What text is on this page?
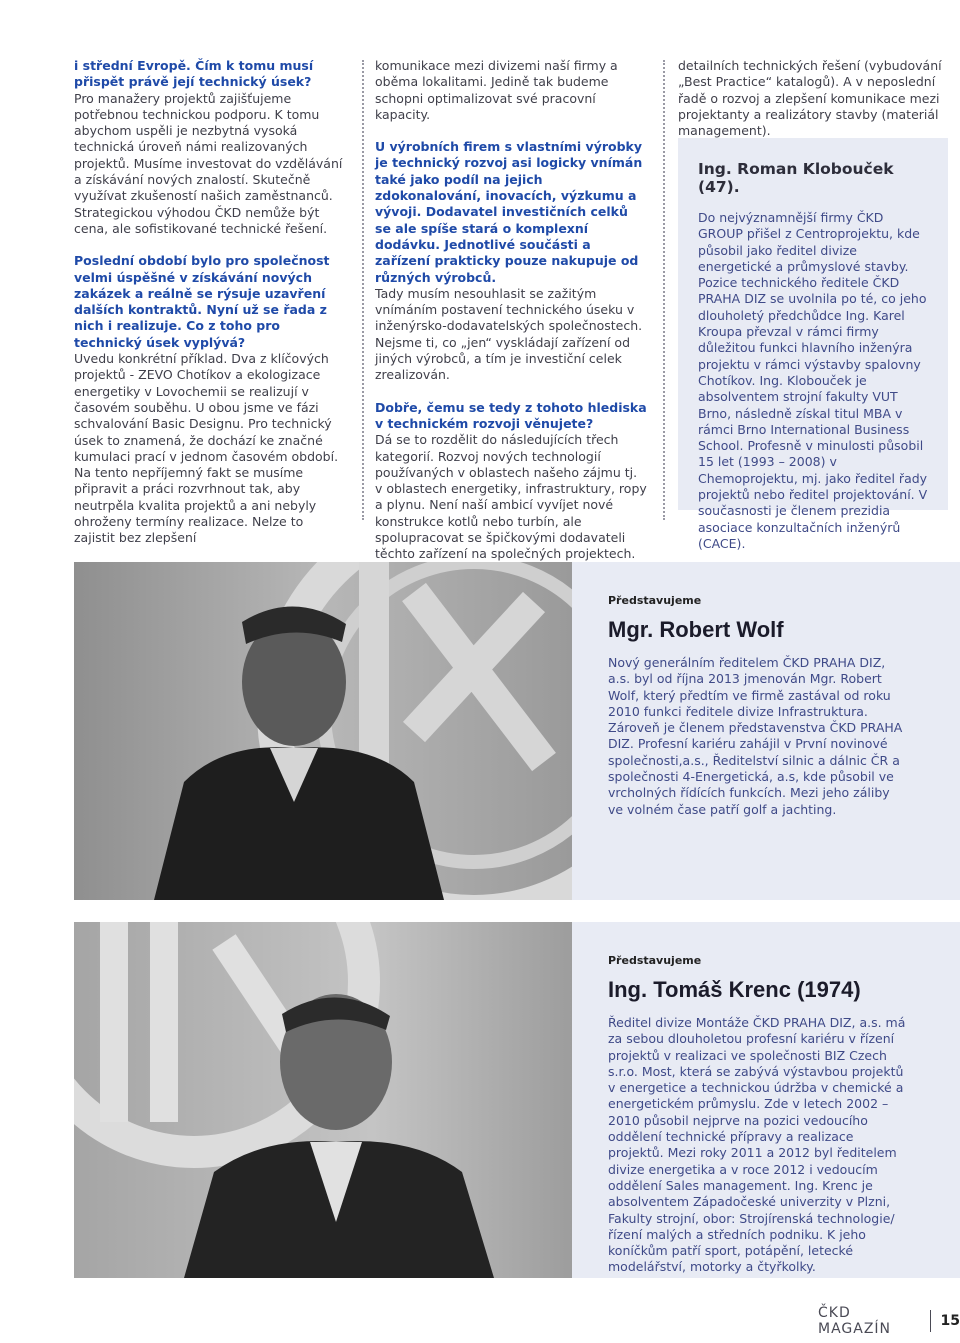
i střední Evropě. Čím k tomu musí přispět právě její technický úsek?
Pro manažery projektů zajišťujeme potřebnou technickou podporu. K tomu abychom uspěli je nezbytná vysoká technická úroveň námi realizovaných projektů. Musíme investovat do vzdělávání a získávání nových znalostí. Skutečně využívat zkušeností našich zaměstnanců. Strategickou výhodou ČKD nemůže být cena, ale sofistikované technické řešení.

Poslední období bylo pro společnost velmi úspěšné v získávání nových zakázek a reálně se rýsuje uzavření dalších kontraktů. Nyní už se řada z nich i realizuje. Co z toho pro technický úsek vyplývá?

Uvedu konkrétní příklad. Dva z klíčových projektů - ZEVO Chotíkov a ekologizace energetiky v Lovochemii se realizují v časovém souběhu. U obou jsme ve fázi schvalování Basic Designu. Pro technický úsek to znamená, že dochází ke značné kumulaci prací v jednom časovém období. Na tento nepříjemný fakt se musíme připravit a práci rozvrhnout tak, aby neutrpěla kvalita projektů a ani nebyly ohroženy termíny realizace. Nelze to zajistit bez zlepšení

komunikace mezi divizemi naší firmy a oběma lokalitami. Jedině tak budeme schopni optimalizovat své pracovní kapacity.

U výrobních firem s vlastními výrobky je technický rozvoj asi logicky vnímán také jako podíl na jejich zdokonalování, inovacích, výzkumu a vývoji. Dodavatel investičních celků se ale spíše stará o komplexní dodávku. Jednotlivé součásti a zařízení prakticky pouze nakupuje od různých výrobců.

Tady musím nesouhlasit se zažitým vnímáním postavení technického úseku v inženýrsko-dodavatelských společnostech. Nejsme ti, co „jen“ vyskládají zařízení od jiných výrobců, a tím je investiční celek zrealizován.

Dobře, čemu se tedy z tohoto hlediska v technickém rozvoji věnujete?

Dá se to rozdělit do následujících třech kategorií. Rozvoj nových technologií používaných v oblastech našeho zájmu tj. v oblastech energetiky, infrastruktury, ropy a plynu. Není naší ambicí vyvíjet nové konstrukce kotlů nebo turbín, ale spolupracovat se špičkovými dodavateli těchto zařízení na společných projektech.

detailních technických řešení (vybudování „Best Practice“ katalogů). A v neposlední řadě o rozvoj a zlepšení komunikace mezi projektanty a realizátory stavby (materiál management).

Ing. Roman Klobouček (47).
Do nejvýznamnější firmy ČKD GROUP přišel z Centroprojektu, kde působil jako ředitel divize energetické a průmyslové stavby. Pozice technického ředitele ČKD PRAHA DIZ se uvolnila po té, co jeho dlouholetý předchůdce Ing. Karel Kroupa převzal v rámci firmy důležitou funkci hlavního inženýra projektu v rámci výstavby spalovny Chotíkov. Ing. Klobouček je absolventem strojní fakulty VUT Brno, následně získal titul MBA v rámci Brno International Business School. Profesně v minulosti působil 15 let (1993 – 2008) v Chemoprojektu, mj. jako ředitel řady projektů nebo ředitel projektování. V současnosti je členem prezidia asociace konzultačních inženýrů (CACE).
Představujeme
Mgr. Robert Wolf
Nový generálním ředitelem ČKD PRAHA DIZ, a.s. byl od října 2013 jmenován Mgr. Robert Wolf, který předtím ve firmě zastával od roku 2010 funkci ředitele divize Infrastruktura. Zároveň je členem představenstva ČKD PRAHA DIZ. Profesní kariéru zahájil v První novinové společnosti,a.s., Ředitelství silnic a dálnic ČR a společnosti 4-Energetická, a.s, kde působil ve vrcholných řídících funkcích. Mezi jeho záliby ve volném čase patří golf a jachting.
Představujeme
Ing. Tomáš Krenc (1974)
Ředitel divize Montáže ČKD PRAHA DIZ, a.s. má za sebou dlouholetou profesní kariéru v řízení projektů v realizaci ve společnosti BIZ Czech s.r.o. Most, která se zabývá výstavbou projektů v energetice a technickou údržba v chemické a energetickém průmyslu. Zde v letech 2002 – 2010 působil nejprve na pozici vedoucího oddělení technické přípravy a realizace projektů. Mezi roky 2011 a 2012 byl ředitelem divize energetika a v roce 2012 i vedoucím oddělení Sales management. Ing. Krenc je absolventem Západočeské univerzity v Plzni, Fakulty strojní, obor: Strojírenská technologie/řízení malých a středních podniku. K jeho koníčkům patří sport, potápění, letecké modelářství, motorky a čtyřkolky.
ČKD MAGAZÍN	15
